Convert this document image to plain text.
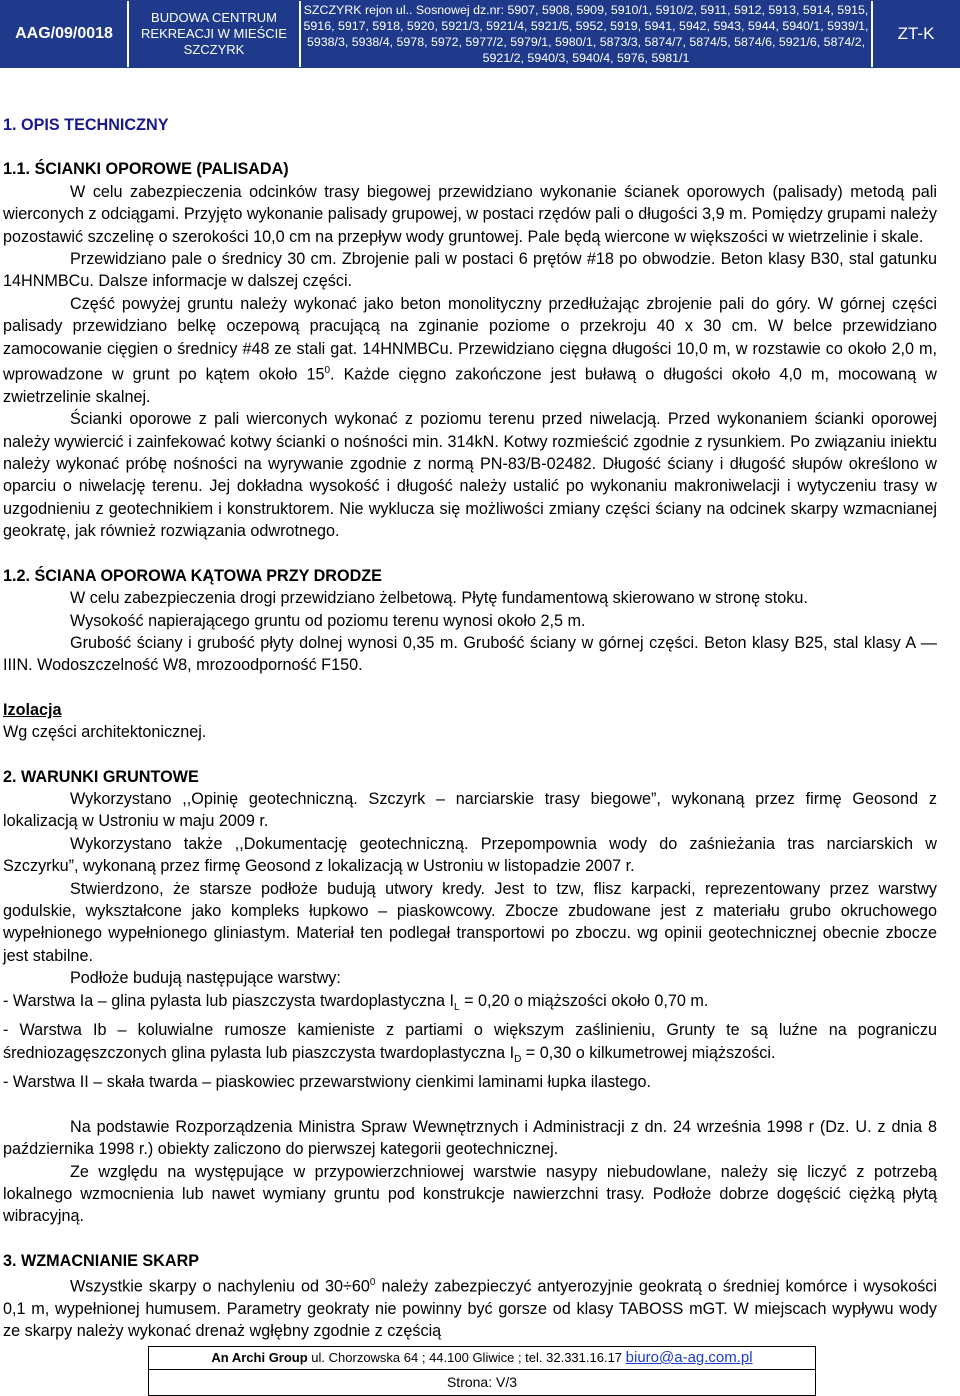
AAG/09/0018
BUDOWA CENTRUM REKREACJI W MIEŚCIE SZCZYRK
SZCZYRK rejon ul.. Sosnowej dz.nr: 5907, 5908, 5909, 5910/1, 5910/2, 5911, 5912, 5913, 5914, 5915, 5916, 5917, 5918, 5920, 5921/3, 5921/4, 5921/5, 5952, 5919, 5941, 5942, 5943, 5944, 5940/1, 5939/1, 5938/3, 5938/4, 5978, 5972, 5977/2, 5979/1, 5980/1, 5873/3, 5874/7, 5874/5, 5874/6, 5921/6, 5874/2, 5921/2, 5940/3, 5940/4, 5976, 5981/1
ZT-K

1. OPIS TECHNICZNY

1.1. ŚCIANKI OPOROWE (PALISADA)

W celu zabezpieczenia odcinków trasy biegowej przewidziano wykonanie ścianek oporowych (palisady) metodą pali wierconych z odciągami. Przyjęto wykonanie palisady grupowej, w postaci rzędów pali o długości 3,9 m. Pomiędzy grupami należy pozostawić szczelinę o szerokości 10,0 cm na przepływ wody gruntowej. Pale będą wiercone w większości w wietrzelinie i skale.

Przewidziano pale o średnicy 30 cm. Zbrojenie pali w postaci 6 prętów #18 po obwodzie. Beton klasy B30, stal gatunku 14HNMBCu. Dalsze informacje w dalszej części.

Część powyżej gruntu należy wykonać jako beton monolityczny przedłużając zbrojenie pali do góry. W górnej części palisady przewidziano belkę oczepową pracującą na zginanie poziome o przekroju 40 x 30 cm. W belce przewidziano zamocowanie cięgien o średnicy #48 ze stali gat. 14HNMBCu. Przewidziano cięgna długości 10,0 m, w rozstawie co około 2,0 m, wprowadzone w grunt po kątem około $15^0$. Każde cięgno zakończone jest buławą o długości około 4,0 m, mocowaną w zwietrzelinie skalnej.

Ścianki oporowe z pali wierconych wykonać z poziomu terenu przed niwelacją. Przed wykonaniem ścianki oporowej należy wywiercić i zainfekować kotwy ścianki o nośności min. 314kN. Kotwy rozmieścić zgodnie z rysunkiem. Po związaniu iniektu należy wykonać próbę nośności na wyrywanie zgodnie z normą PN-83/B-02482. Długość ściany i długość słupów określono w oparciu o niwelację terenu. Jej dokładna wysokość i długość należy ustalić po wykonaniu makroniwelacji i wytyczeniu trasy w uzgodnieniu z geotechnikiem i konstruktorem. Nie wyklucza się możliwości zmiany części ściany na odcinek skarpy wzmacnianej geokratę, jak również rozwiązania odwrotnego.

1.2. ŚCIANA OPOROWA KĄTOWA PRZY DRODZE

W celu zabezpieczenia drogi przewidziano żelbetową. Płytę fundamentową skierowano w stronę stoku.

Wysokość napierającego gruntu od poziomu terenu wynosi około 2,5 m.

Grubość ściany i grubość płyty dolnej wynosi 0,35 m. Grubość ściany w górnej części. Beton klasy B25, stal klasy A — IIIN. Wodoszczelność W8, mrozoodporność F150.

Izolacja

Wg części architektonicznej.

2. WARUNKI GRUNTOWE

Wykorzystano ,,Opinię geotechniczną. Szczyrk – narciarskie trasy biegowe”, wykonaną przez firmę Geosond z lokalizacją w Ustroniu w maju 2009 r.

Wykorzystano także ,,Dokumentację geotechniczną. Przepompownia wody do zaśnieżania tras narciarskich w Szczyrku”, wykonaną przez firmę Geosond z lokalizacją w Ustroniu w listopadzie 2007 r.

Stwierdzono, że starsze podłoże budują utwory kredy. Jest to tzw, flisz karpacki, reprezentowany przez warstwy godulskie, wykształcone jako kompleks łupkowo – piaskowcowy. Zbocze zbudowane jest z materiału grubo okruchowego wypełnionego wypełnionego gliniastym. Materiał ten podlegał transportowi po zboczu. wg opinii geotechnicznej obecnie zbocze jest stabilne.

Podłoże budują następujące warstwy:

- Warstwa Ia – glina pylasta lub piaszczysta twardoplastyczna $I_L = 0,20$ o miąższości około 0,70 m.

- Warstwa Ib – koluwialne rumosze kamieniste z partiami o większym zaślinieniu, Grunty te są luźne na pograniczu średniozagęszczonych glina pylasta lub piaszczysta twardoplastyczna $I_D = 0,30$ o kilkumetrowej miąższości.

- Warstwa II – skała twarda – piaskowiec przewarstwiony cienkimi laminami łupka ilastego.

Na podstawie Rozporządzenia Ministra Spraw Wewnętrznych i Administracji z dn. 24 września 1998 r (Dz. U. z dnia 8 października 1998 r.) obiekty zaliczono do pierwszej kategorii geotechnicznej.

Ze względu na występujące w przypowierzchniowej warstwie nasypy niebudowlane, należy się liczyć z potrzebą lokalnego wzmocnienia lub nawet wymiany gruntu pod konstrukcje nawierzchni trasy. Podłoże dobrze dogęścić ciężką płytą wibracyjną.

3. WZMACNIANIE SKARP

Wszystkie skarpy o nachyleniu od $30\div 60^0$ należy zabezpieczyć antyerozyjnie geokratą o średniej komórce i wysokości 0,1 m, wypełnionej humusem. Parametry geokraty nie powinny być gorsze od klasy TABOSS mGT. W miejscach wypływu wody ze skarpy należy wykonać drenaż wgłębny zgodnie z częścią

An Archi Group ul. Chorzowska 64 ; 44.100 Gliwice ; tel. 32.331.16.17 biuro@a-ag.com.pl
Strona: V/3
